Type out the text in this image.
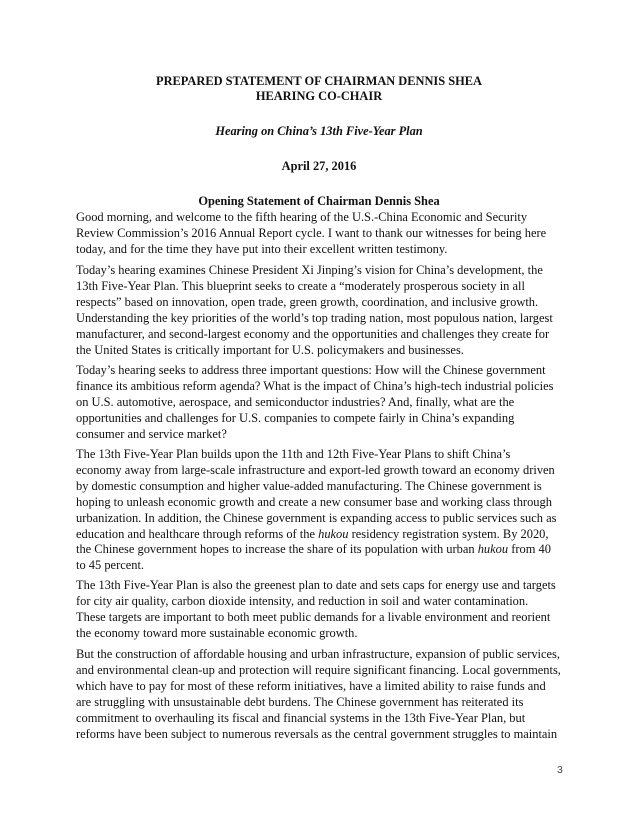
PREPARED STATEMENT OF CHAIRMAN DENNIS SHEA

HEARING CO-CHAIR

Hearing on China’s 13th Five-Year Plan

April 27, 2016

Opening Statement of Chairman Dennis Shea

Good morning, and welcome to the fifth hearing of the U.S.-China Economic and Security
Review Commission’s 2016 Annual Report cycle. I want to thank our witnesses for being here
today, and for the time they have put into their excellent written testimony.

Today’s hearing examines Chinese President Xi Jinping’s vision for China’s development, the
13th Five-Year Plan. This blueprint seeks to create a “moderately prosperous society in all
respects” based on innovation, open trade, green growth, coordination, and inclusive growth.
Understanding the key priorities of the world’s top trading nation, most populous nation, largest
manufacturer, and second-largest economy and the opportunities and challenges they create for
the United States is critically important for U.S. policymakers and businesses.

Today’s hearing seeks to address three important questions: How will the Chinese government
finance its ambitious reform agenda? What is the impact of China’s high-tech industrial policies
on U.S. automotive, aerospace, and semiconductor industries? And, finally, what are the
opportunities and challenges for U.S. companies to compete fairly in China’s expanding
consumer and service market?

The 13th Five-Year Plan builds upon the 11th and 12th Five-Year Plans to shift China’s
economy away from large-scale infrastructure and export-led growth toward an economy driven
by domestic consumption and higher value-added manufacturing. The Chinese government is
hoping to unleash economic growth and create a new consumer base and working class through
urbanization. In addition, the Chinese government is expanding access to public services such as
education and healthcare through reforms of the hukou residency registration system. By 2020,
the Chinese government hopes to increase the share of its population with urban hukou from 40
to 45 percent.

The 13th Five-Year Plan is also the greenest plan to date and sets caps for energy use and targets
for city air quality, carbon dioxide intensity, and reduction in soil and water contamination.
These targets are important to both meet public demands for a livable environment and reorient
the economy toward more sustainable economic growth.

But the construction of affordable housing and urban infrastructure, expansion of public services,
and environmental clean-up and protection will require significant financing. Local governments,
which have to pay for most of these reform initiatives, have a limited ability to raise funds and
are struggling with unsustainable debt burdens. The Chinese government has reiterated its
commitment to overhauling its fiscal and financial systems in the 13th Five-Year Plan, but
reforms have been subject to numerous reversals as the central government struggles to maintain

3
